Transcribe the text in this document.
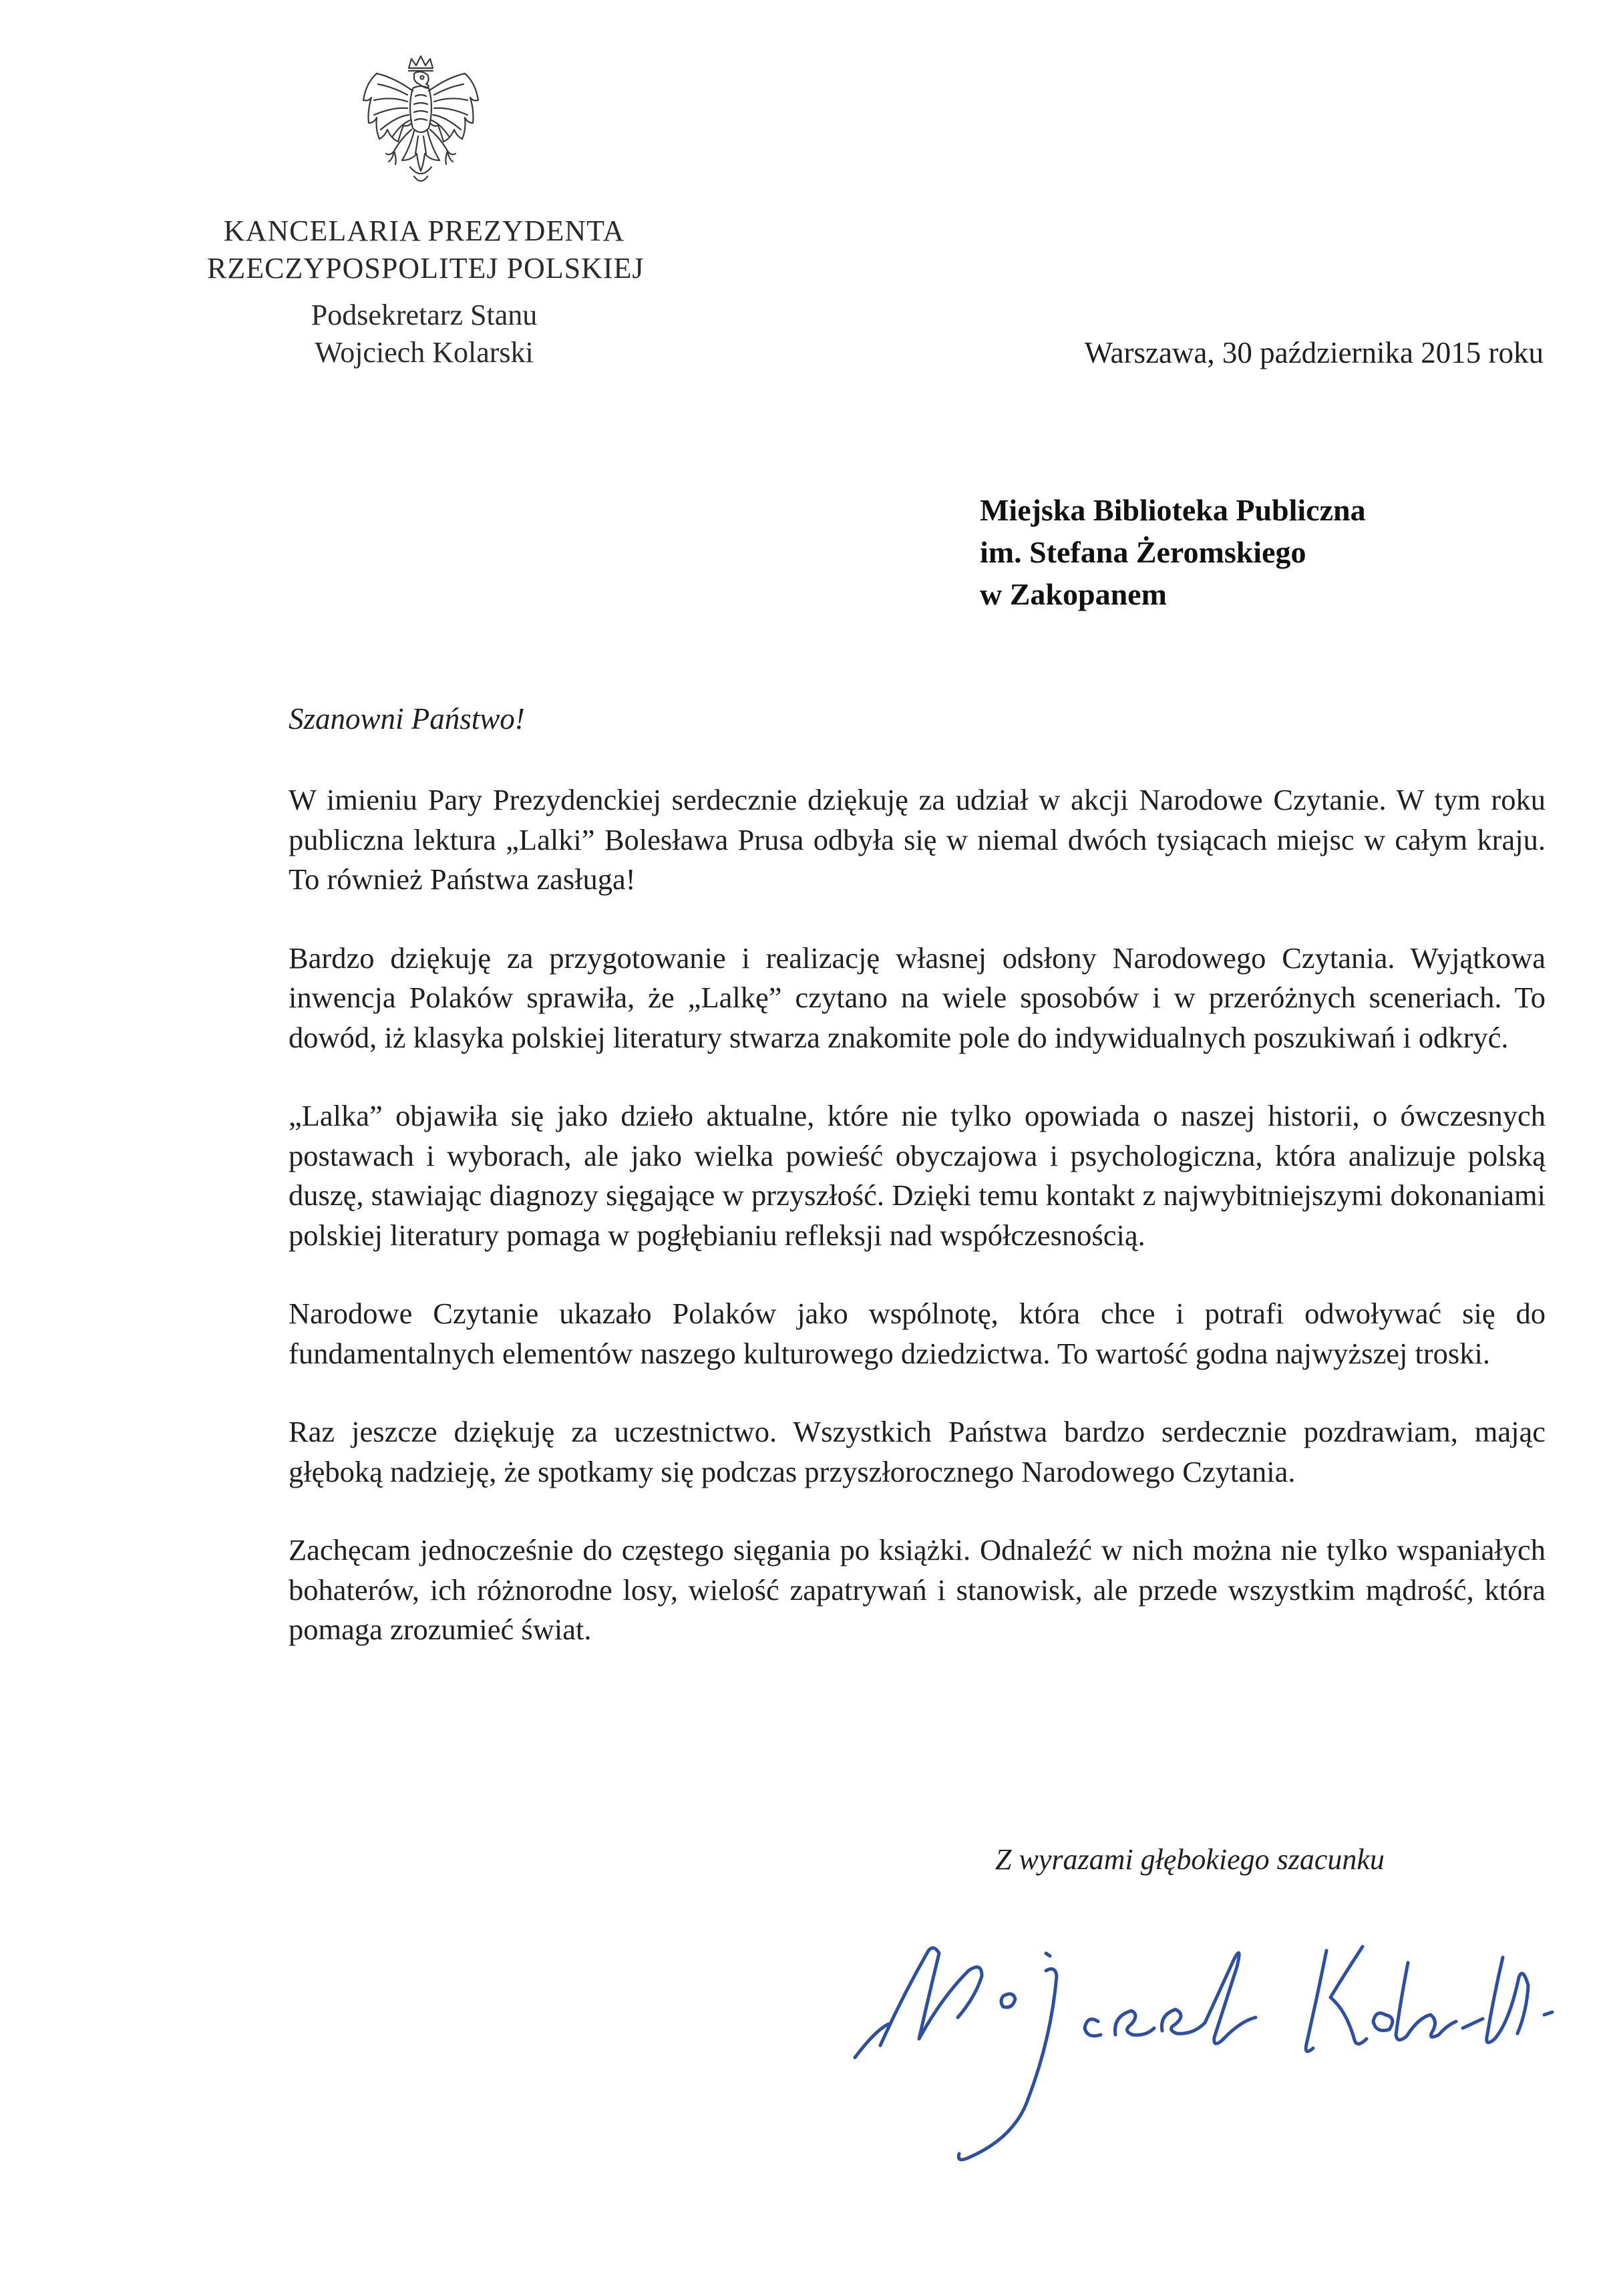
KANCELARIA PREZYDENTA
RZECZYPOSPOLITEJ POLSKIEJ
Podsekretarz Stanu
Wojciech Kolarski	Warszawa, 30 października 2015 roku
Miejska Biblioteka Publiczna
im. Stefana Żeromskiego
w Zakopanem
Szanowni Państwo!

W imieniu Pary Prezydenckiej serdecznie dziękuję za udział w akcji Narodowe Czytanie. W tym roku publiczna lektura „Lalki” Bolesława Prusa odbyła się w niemal dwóch tysiącach miejsc w całym kraju. To również Państwa zasługa!

Bardzo dziękuję za przygotowanie i realizację własnej odsłony Narodowego Czytania. Wyjątkowa inwencja Polaków sprawiła, że „Lalkę” czytano na wiele sposobów i w przeróżnych sceneriach. To dowód, iż klasyka polskiej literatury stwarza znakomite pole do indywidualnych poszukiwań i odkryć.

„Lalka” objawiła się jako dzieło aktualne, które nie tylko opowiada o naszej historii, o ówczesnych postawach i wyborach, ale jako wielka powieść obyczajowa i psychologiczna, która analizuje polską duszę, stawiając diagnozy sięgające w przyszłość. Dzięki temu kontakt z najwybitniejszymi dokonaniami polskiej literatury pomaga w pogłębianiu refleksji nad współczesnością.

Narodowe Czytanie ukazało Polaków jako wspólnotę, która chce i potrafi odwoływać się do fundamentalnych elementów naszego kulturowego dziedzictwa. To wartość godna najwyższej troski.

Raz jeszcze dziękuję za uczestnictwo. Wszystkich Państwa bardzo serdecznie pozdrawiam, mając głęboką nadzieję, że spotkamy się podczas przyszłorocznego Narodowego Czytania.

Zachęcam jednocześnie do częstego sięgania po książki. Odnaleźć w nich można nie tylko wspaniałych bohaterów, ich różnorodne losy, wielość zapatrywań i stanowisk, ale przede wszystkim mądrość, która pomaga zrozumieć świat.

Z wyrazami głębokiego szacunku
